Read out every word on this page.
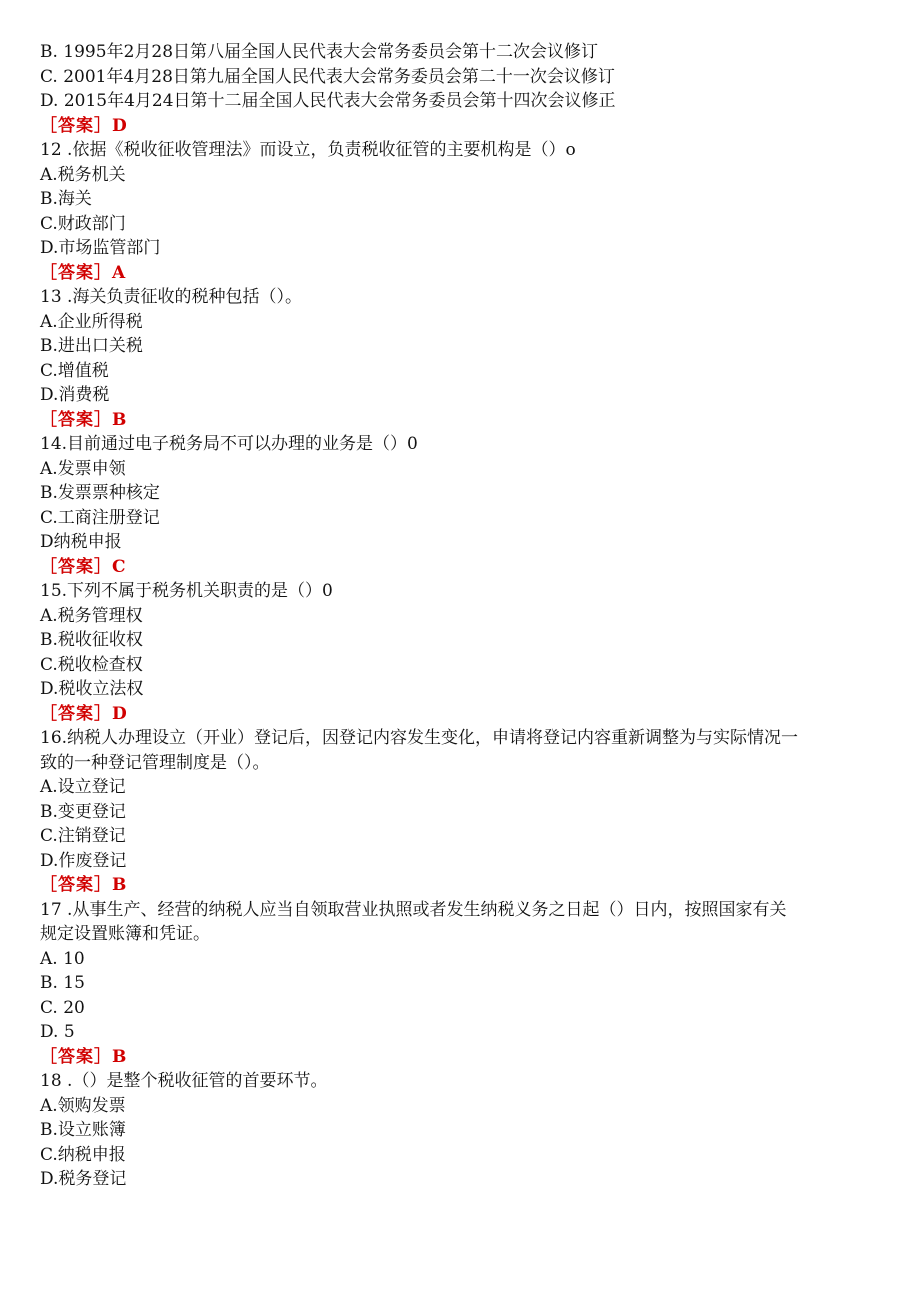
B. 1995年2月28日第八届全国人民代表大会常务委员会第十二次会议修订
C. 2001年4月28日第九届全国人民代表大会常务委员会第二十一次会议修订
D. 2015年4月24日第十二届全国人民代表大会常务委员会第十四次会议修正
［答案］D
12 .依据《税收征收管理法》而设立，负责税收征管的主要机构是（）o
A.税务机关
B.海关
C.财政部门
D.市场监管部门
［答案］A
13 .海关负责征收的税种包括（）。
A.企业所得税
B.进出口关税
C.增值税
D.消费税
［答案］B
14.目前通过电子税务局不可以办理的业务是（）0
A.发票申领
B.发票票种核定
C.工商注册登记
D纳税申报
［答案］C
15.下列不属于税务机关职责的是（）0
A.税务管理权
B.税收征收权
C.税收检查权
D.税收立法权
［答案］D
16.纳税人办理设立（开业）登记后，因登记内容发生变化，申请将登记内容重新调整为与实际情况一
致的一种登记管理制度是（）。
A.设立登记
B.变更登记
C.注销登记
D.作废登记
［答案］B
17 .从事生产、经营的纳税人应当自领取营业执照或者发生纳税义务之日起（）日内，按照国家有关
规定设置账簿和凭证。
A. 10
B. 15
C. 20
D. 5
［答案］B
18 .（）是整个税收征管的首要环节。
A.领购发票
B.设立账簿
C.纳税申报
D.税务登记
